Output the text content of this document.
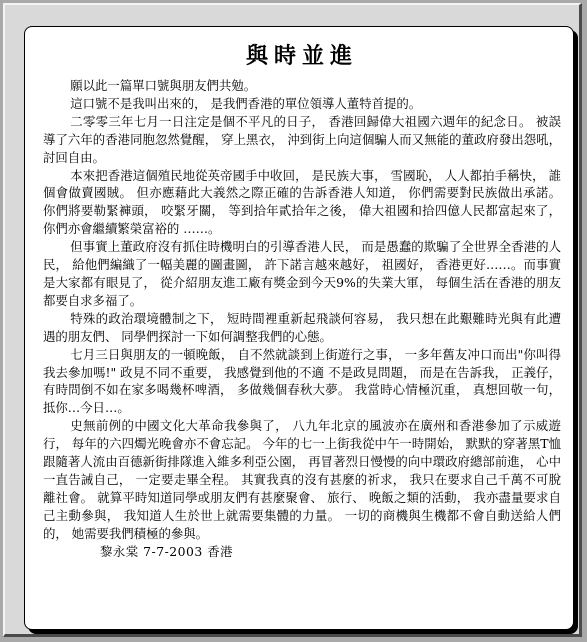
與時並進

願以此一篇單口號與朋友們共勉。

這口號不是我叫出來的， 是我們香港的單位領導人董特首提的。

二零零三年七月一日注定是個不平凡的日子， 香港回歸偉大祖國六週年的紀念日。 被誤導了六年的香港同胞忽然覺醒， 穿上黑衣， 沖到街上向這個騙人而又無能的董政府發出怨吼， 討回自由。

本來把香港這個殖民地從英帝國手中收回， 是民族大事， 雪國恥， 人人都拍手稱快， 誰個會做賣國賊。 但亦應藉此大義然之際正確的告訴香港人知道， 你們需要對民族做出承諾。 你們將要勒緊褲頭， 咬緊牙關， 等到拾年貳拾年之後， 偉大祖國和拾四億人民都富起來了， 你們亦會繼續繁榮富裕的 ……。

但事實上董政府沒有抓住時機明白的引導香港人民， 而是愚蠢的欺騙了全世界全香港的人民， 給他們編織了一幅美麗的圖畫圖， 許下諾言越來越好， 祖國好， 香港更好……。而事實是大家都有眼見了， 從介紹朋友進工廠有獎金到今天9%的失業大軍， 每個生活在香港的朋友都要自求多福了。

特殊的政治環境體制之下， 短時間裡重新起飛談何容易， 我只想在此艱難時光與有此遭遇的朋友們、 同學們探討一下如何調整我們的心態。

七月三日與朋友的一頓晚飯， 自不然就談到上街遊行之事， 一多年舊友冲口而出"你叫得 我去參加嗎!" 政見不同不重要， 我感覺到他的不適 不是政見問題， 而是在告訴我， 正義仔， 有時問倒不如在家多喝幾杯啤酒， 多做幾個春秋大夢。 我當時心情極沉重， 真想回敬一句， 抵你…今日…。

史無前例的中國文化大革命我參與了， 八九年北京的風波亦在廣州和香港參加了示威遊行， 每年的六四燭光晚會亦不會忘記。 今年的七一上街我從中午一時開始， 默默的穿著黑T恤跟隨著人流由百德新街排隊進入維多利亞公園， 再冒著烈日慢慢的向中環政府總部前進， 心中一直告誡自己， 一定要走畢全程。 其實我真的沒有甚麼的祈求， 我只在要求自己千萬不可脫離社會。 就算平時知道同學或朋友們有甚麼聚會、 旅行、 晚飯之類的活動， 我亦盡量要求自己主動參與， 我知道人生於世上就需要集體的力量。 一切的商機與生機都不會自動送給人們的， 她需要我們積極的參與。

黎永棠 7-7-2003 香港
